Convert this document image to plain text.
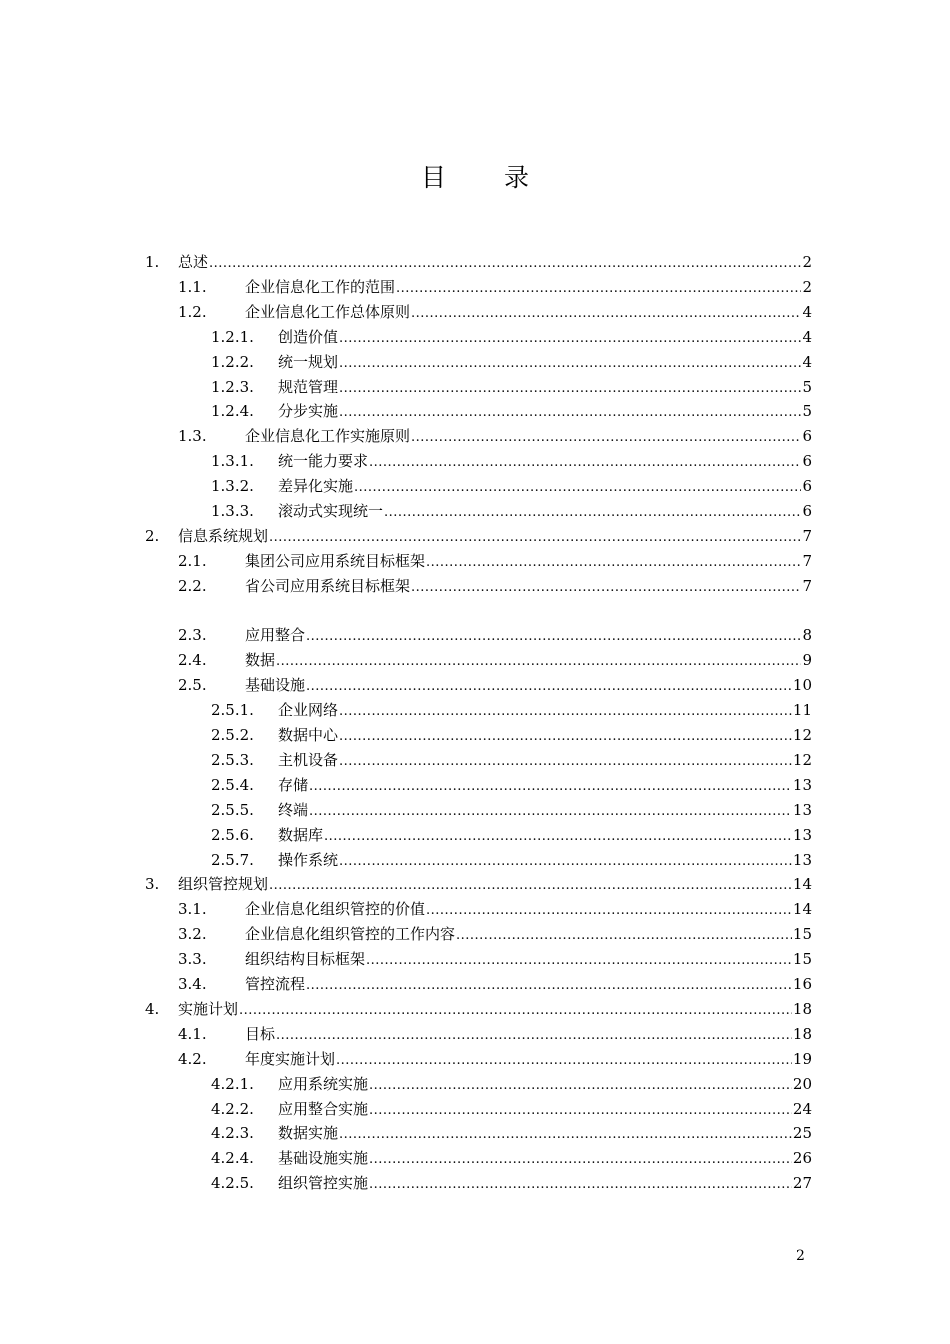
目 录
1.	总述 .....	2
1.1.	企业信息化工作的范围 .....	2
1.2.	企业信息化工作总体原则 .....	4
1.2.1.	创造价值 .....	4
1.2.2.	统一规划 .....	4
1.2.3.	规范管理 .....	5
1.2.4.	分步实施 .....	5
1.3.	企业信息化工作实施原则 .....	6
1.3.1.	统一能力要求 .....	6
1.3.2.	差异化实施 .....	6
1.3.3.	滚动式实现统一 .....	6
2.	信息系统规划 .....	7
2.1.	集团公司应用系统目标框架 .....	7
2.2.	省公司应用系统目标框架 .....	7
2.3.	应用整合 .....	8
2.4.	数据 .....	9
2.5.	基础设施 .....	10
2.5.1.	企业网络 .....	11
2.5.2.	数据中心 .....	12
2.5.3.	主机设备 .....	12
2.5.4.	存储 .....	13
2.5.5.	终端 .....	13
2.5.6.	数据库 .....	13
2.5.7.	操作系统 .....	13
3.	组织管控规划 .....	14
3.1.	企业信息化组织管控的价值 .....	14
3.2.	企业信息化组织管控的工作内容 .....	15
3.3.	组织结构目标框架 .....	15
3.4.	管控流程 .....	16
4.	实施计划 .....	18
4.1.	目标 .....	18
4.2.	年度实施计划 .....	19
4.2.1.	应用系统实施 .....	20
4.2.2.	应用整合实施 .....	24
4.2.3.	数据实施 .....	25
4.2.4.	基础设施实施 .....	26
4.2.5.	组织管控实施 .....	27
2
